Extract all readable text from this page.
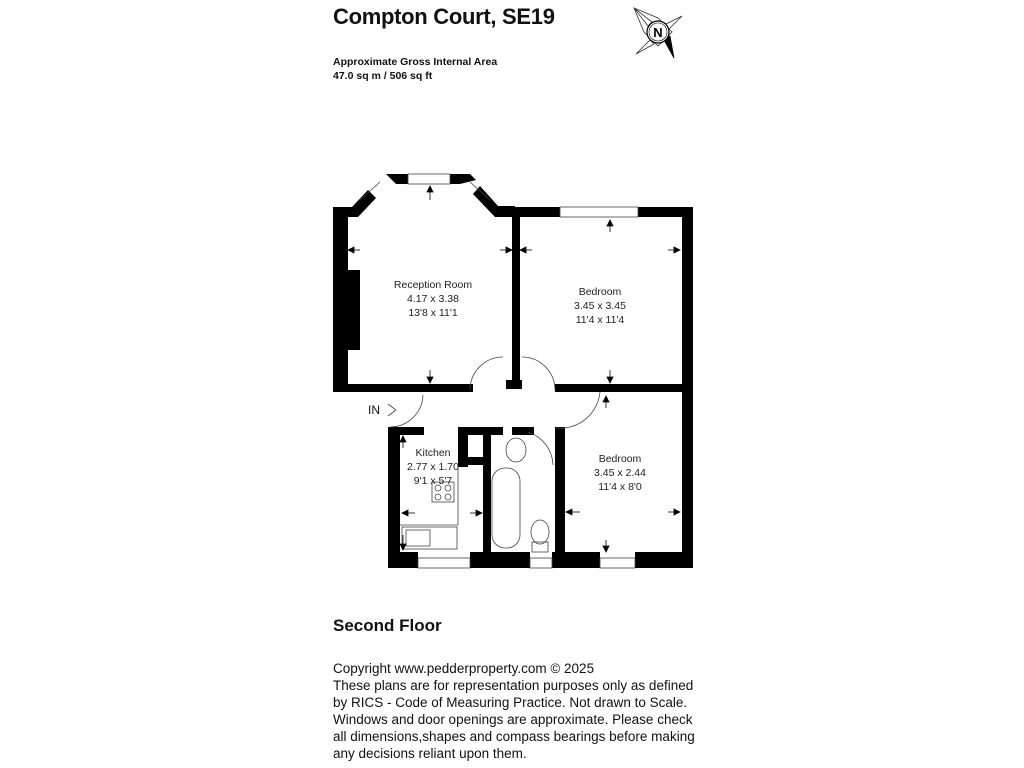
Compton Court, SE19
Approximate Gross Internal Area
47.0 sq m / 506 sq ft
N
Reception Room
4.17 x 3.38
13'8 x 11'1
Bedroom
3.45 x 3.45
11'4 x 11'4
Kitchen
2.77 x 1.70
9'1 x 5'7
Bedroom
3.45 x 2.44
11'4 x 8'0
IN
Second Floor
Copyright www.pedderproperty.com © 2025
These plans are for representation purposes only as defined
by RICS - Code of Measuring Practice. Not drawn to Scale.
Windows and door openings are approximate. Please check
all dimensions,shapes and compass bearings before making
any decisions reliant upon them.
